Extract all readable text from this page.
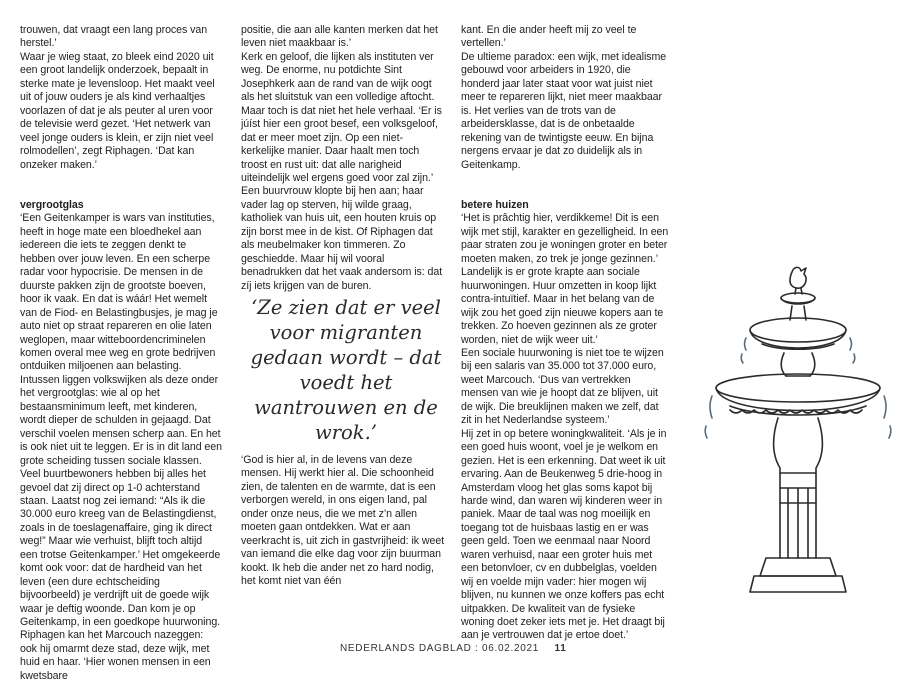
trouwen, dat vraagt een lang proces van herstel.’

Waar je wieg staat, zo bleek eind 2020 uit een groot landelijk onderzoek, bepaalt in sterke mate je levensloop. Het maakt veel uit of jouw ouders je als kind verhaaltjes voorlazen of dat je als peuter al uren voor de televisie werd gezet. ‘Het netwerk van veel jonge ouders is klein, er zijn niet veel rolmodellen’, zegt Riphagen. ‘Dat kan onzeker maken.’

vergrootglas

‘Een Geitenkamper is wars van instituties, heeft in hoge mate een bloedhekel aan iedereen die iets te zeggen denkt te hebben over jouw leven. En een scherpe radar voor hypocrisie. De mensen in de duurste pakken zijn de grootste boeven, hoor ik vaak. En dat is wáár! Het wemelt van de Fiod- en Belastingbusjes, je mag je auto niet op straat repareren en olie laten weglopen, maar witteboordencriminelen komen overal mee weg en grote bedrijven ontduiken miljoenen aan belasting. Intussen liggen volkswijken als deze onder het vergrootglas: wie al op het bestaansminimum leeft, met kinderen, wordt dieper de schulden in gejaagd. Dat verschil voelen mensen scherp aan. En het is ook niet uit te leggen. Er is in dit land een grote scheiding tussen sociale klassen. Veel buurtbewoners hebben bij alles het gevoel dat zij direct op 1-0 achterstand staan. Laatst nog zei iemand: “Als ik die 30.000 euro kreeg van de Belastingdienst, zoals in de toeslagenaffaire, ging ik direct weg!” Maar wie verhuist, blijft toch altijd een trotse Geitenkamper.’ Het omgekeerde komt ook voor: dat de hardheid van het leven (een dure echtscheiding bijvoorbeeld) je verdrijft uit de goede wijk waar je deftig woonde. Dan kom je op Geitenkamp, in een goedkope huurwoning.

Riphagen kan het Marcouch nazeggen: ook hij omarmt deze stad, deze wijk, met huid en haar. ‘Hier wonen mensen in een kwetsbare

positie, die aan alle kanten merken dat het leven niet maakbaar is.’

Kerk en geloof, die lijken als instituten ver weg. De enorme, nu potdichte Sint Josephkerk aan de rand van de wijk oogt als het sluitstuk van een volledige aftocht. Maar toch is dat niet het hele verhaal. ‘Er is júíst hier een groot besef, een volksgeloof, dat er meer moet zijn. Op een niet-kerkelijke manier. Daar haalt men toch troost en rust uit: dat alle narigheid uiteindelijk wel ergens goed voor zal zijn.’

Een buurvrouw klopte bij hen aan; haar vader lag op sterven, hij wilde graag, katholiek van huis uit, een houten kruis op zijn borst mee in de kist. Of Riphagen dat als meubelmaker kon timmeren. Zo geschiedde. Maar hij wil vooral benadrukken dat het vaak andersom is: dat zíj iets krijgen van de buren.

‘Ze zien dat er veel voor migranten gedaan wordt – dat voedt het wantrouwen en de wrok.’

‘God is hier al, in de levens van deze mensen. Hij werkt hier al. Die schoonheid zien, de talenten en de warmte, dat is een verborgen wereld, in ons eigen land, pal onder onze neus, die we met z’n allen moeten gaan ontdekken. Wat er aan veerkracht is, uit zich in gastvrijheid: ik weet van iemand die elke dag voor zijn buurman kookt. Ik heb die ander net zo hard nodig, het komt niet van één

kant. En die ander heeft mij zo veel te vertellen.’

De ultieme paradox: een wijk, met idealisme gebouwd voor arbeiders in 1920, die honderd jaar later staat voor wat juist niet meer te repareren lijkt, niet meer maakbaar is. Het verlies van de trots van de arbeidersklasse, dat is de onbetaalde rekening van de twintigste eeuw. En bijna nergens ervaar je dat zo duidelijk als in Geitenkamp.

betere huizen

‘Het is prâchtig hier, verdikkeme! Dit is een wijk met stijl, karakter en gezelligheid. In een paar straten zou je woningen groter en beter moeten maken, zo trek je jonge gezinnen.’

Landelijk is er grote krapte aan sociale huurwoningen. Huur omzetten in koop lijkt contra-intuïtief. Maar in het belang van de wijk zou het goed zijn nieuwe kopers aan te trekken. Zo hoeven gezinnen als ze groter worden, niet de wijk weer uit.’

Een sociale huurwoning is niet toe te wijzen bij een salaris van 35.000 tot 37.000 euro, weet Marcouch. ‘Dus van vertrekken mensen van wie je hoopt dat ze blijven, uit de wijk. Die breuklijnen maken we zelf, dat zit in het Nederlandse systeem.’

Hij zet in op betere woningkwaliteit. ‘Als je in een goed huis woont, voel je je welkom en gezien. Het is een erkenning. Dat weet ik uit ervaring. Aan de Beukenweg 5 drie-hoog in Amsterdam vloog het glas soms kapot bij harde wind, dan waren wij kinderen weer in paniek. Maar de taal was nog moeilijk en toegang tot de huisbaas lastig en er was geen geld. Toen we eenmaal naar Noord waren verhuisd, naar een groter huis met een betonvloer, cv en dubbelglas, voelden wij en voelde mijn vader: hier mogen wij blijven, nu kunnen we onze koffers pas echt uitpakken. De kwaliteit van de fysieke woning doet zeker iets met je. Het draagt bij aan je vertrouwen dat je ertoe doet.’

NEDERLANDS DAGBLAD : 06.02.2021 11
